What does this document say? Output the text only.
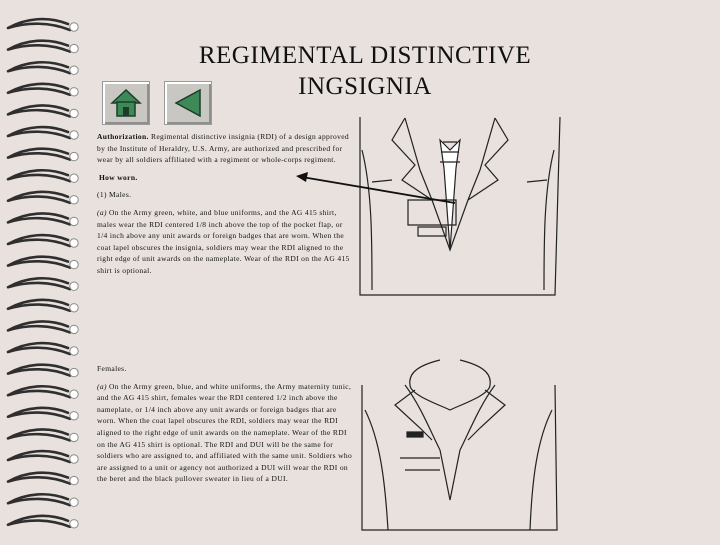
REGIMENTAL DISTINCTIVE INGSIGNIA

Authorization. Regimental distinctive insignia (RDI) of a design approved by the Institute of Heraldry, U.S. Army, are authorized and prescribed for wear by all soldiers affiliated with a regiment or whole-corps regiment.

How worn.

(1) Males.

(a) On the Army green, white, and blue uniforms, and the AG 415 shirt, males wear the RDI centered 1/8 inch above the top of the pocket flap, or 1/4 inch above any unit awards or foreign badges that are worn. When the coat lapel obscures the insignia, soldiers may wear the RDI aligned to the right edge of unit awards on the nameplate. Wear of the RDI on the AG 415 shirt is optional.

Females.

(a) On the Army green, blue, and white uniforms, the Army maternity tunic, and the AG 415 shirt, females wear the RDI centered 1/2 inch above the nameplate, or 1/4 inch above any unit awards or foreign badges that are worn. When the coat lapel obscures the RDI, soldiers may wear the RDI aligned to the right edge of unit awards on the nameplate. Wear of the RDI on the AG 415 shirt is optional. The RDI and DUI will be the same for soldiers who are assigned to, and affiliated with the same unit. Soldiers who are assigned to a unit or agency not authorized a DUI will wear the RDI on the beret and the black pullover sweater in lieu of a DUI.
